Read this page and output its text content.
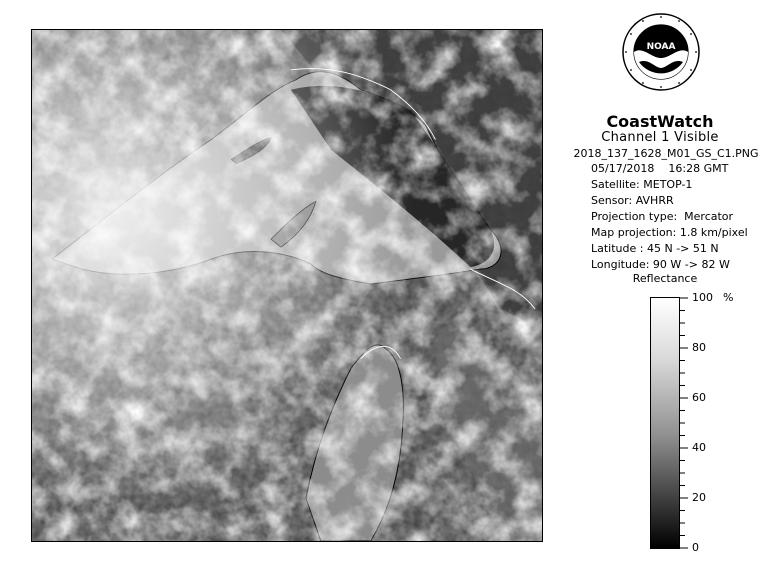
NOAA
CoastWatch
Channel 1 Visible
2018_137_1628_M01_GS_C1.PNG
05/17/2018    16:28 GMT
Satellite: METOP-1
Sensor: AVHRR
Projection type:  Mercator
Map projection: 1.8 km/pixel
Latitude : 45 N -> 51 N
Longitude: 90 W -> 82 W
Reflectance
%
100
80
60
40
20
0
